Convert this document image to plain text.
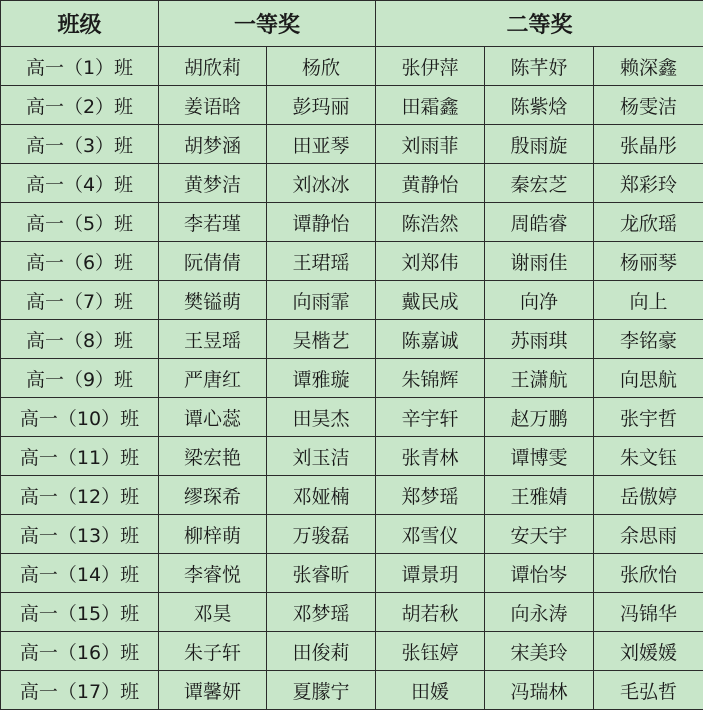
班级	一等奖		二等奖		
高一（1）班	胡欣莉	杨欣	张伊萍	陈芊妤	赖深鑫
高一（2）班	姜语晗	彭玛丽	田霜鑫	陈紫焓	杨雯洁
高一（3）班	胡梦涵	田亚琴	刘雨菲	殷雨旋	张晶彤
高一（4）班	黄梦洁	刘冰冰	黄静怡	秦宏芝	郑彩玲
高一（5）班	李若瑾	谭静怡	陈浩然	周皓睿	龙欣瑶
高一（6）班	阮倩倩	王珺瑶	刘郑伟	谢雨佳	杨丽琴
高一（7）班	樊镒萌	向雨霏	戴民成	向净	向上
高一（8）班	王昱瑶	吴楷艺	陈嘉诚	苏雨琪	李铭豪
高一（9）班	严唐红	谭雅璇	朱锦辉	王潇航	向思航
高一（10）班	谭心蕊	田昊杰	辛宇轩	赵万鹏	张宇哲
高一（11）班	梁宏艳	刘玉洁	张青林	谭博雯	朱文钰
高一（12）班	缪琛希	邓娅楠	郑梦瑶	王雅婧	岳傲婷
高一（13）班	柳梓萌	万骏磊	邓雪仪	安天宇	余思雨
高一（14）班	李睿悦	张睿昕	谭景玥	谭怡岑	张欣怡
高一（15）班	邓昊	邓梦瑶	胡若秋	向永涛	冯锦华
高一（16）班	朱子轩	田俊莉	张钰婷	宋美玲	刘媛媛
高一（17）班	谭馨妍	夏朦宁	田媛	冯瑞林	毛弘哲
